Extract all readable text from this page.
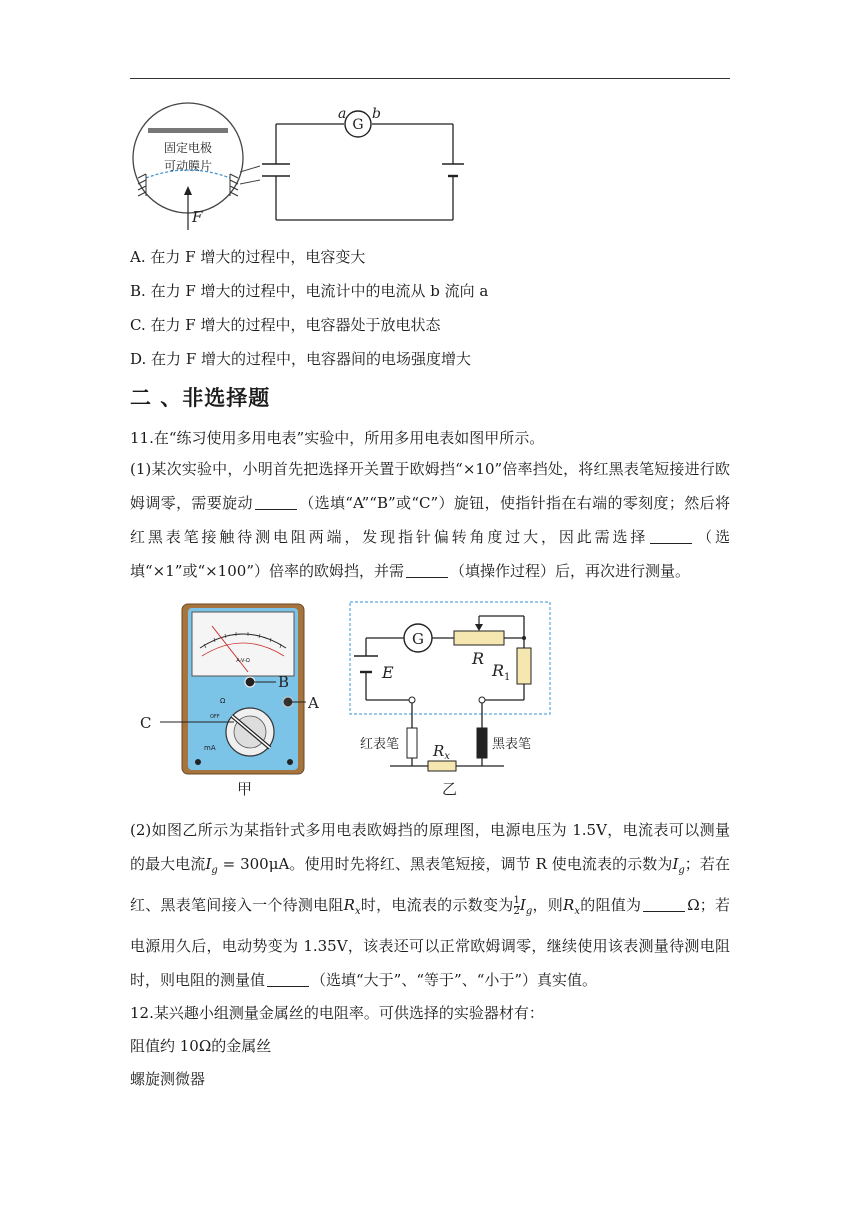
固定电极
可动膜片
F
G
a b
A. 在力 F 增大的过程中，电容变大
B. 在力 F 增大的过程中，电流计中的电流从 b 流向 a
C. 在力 F 增大的过程中，电容器处于放电状态
D. 在力 F 增大的过程中，电容器间的电场强度增大
二 、非选择题
11.在“练习使用多用电表”实验中，所用多用电表如图甲所示。
(1)某次实验中，小明首先把选择开关置于欧姆挡“×10”倍率挡处，将红黑表笔短接进行欧姆调零，需要旋动	（选填“A”“B”或“C”）旋钮，使指针指在右端的零刻度；然后将红黑表笔接触待测电阻两端，发现指针偏转角度过大，因此需选择	（选填“×1”或“×100”）倍率的欧姆挡，并需	（填操作过程）后，再次进行测量。
A-V-Ω
Ω
OFF
mA
B
A
C
甲
G
R
$R_1$
E
红表笔	黑表笔
$R_x$
乙
(2)如图乙所示为某指针式多用电表欧姆挡的原理图，电源电压为 1.5V，电流表可以测量的最大电流$I_g = 300\mu A$。使用时先将红、黑表笔短接，调节 R 使电流表的示数为$I_g$；若在红、黑表笔间接入一个待测电阻$R_x$时，电流表的示数变为 $\frac{1}{2} I_g$，则$R_x$的阻值为	Ω；若电源用久后，电动势变为 1.35V，该表还可以正常欧姆调零，继续使用该表测量待测电阻时，则电阻的测量值	（选填“大于”、“等于”、“小于”）真实值。
12.某兴趣小组测量金属丝的电阻率。可供选择的实验器材有：
阻值约 10Ω的金属丝
螺旋测微器
